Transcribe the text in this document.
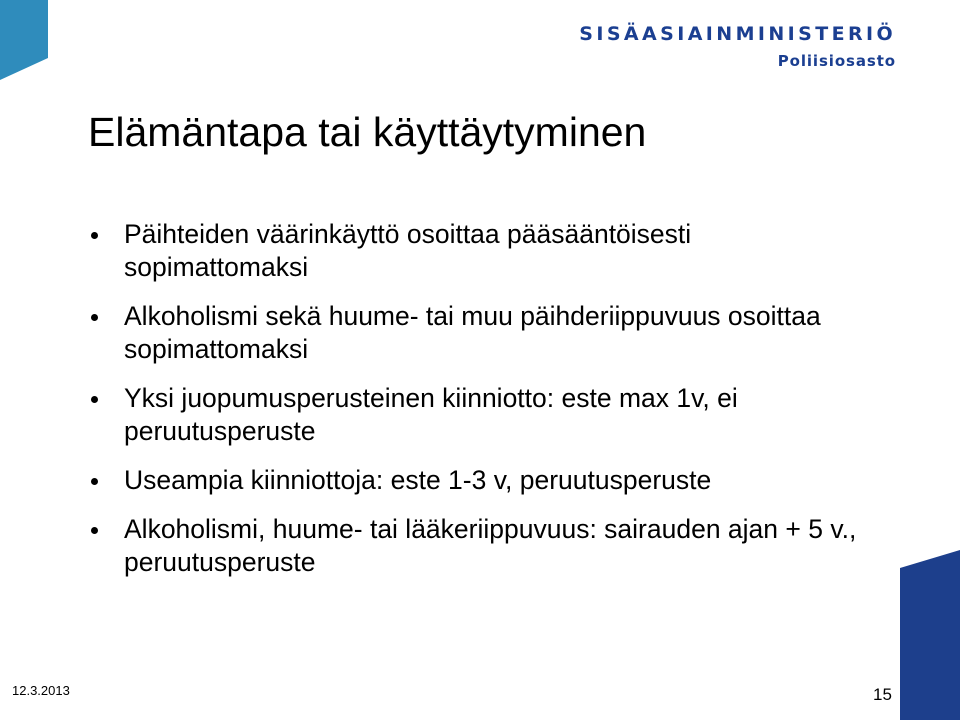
SISÄASIAINMINISTERIÖ
Poliisiosasto
Elämäntapa tai käyttäytyminen
Päihteiden väärinkäyttö osoittaa pääsääntöisesti sopimattomaksi
Alkoholismi sekä huume- tai muu päihderiippuvuus osoittaa sopimattomaksi
Yksi juopumusperusteinen kiinniotto: este max 1v, ei peruutusperuste
Useampia kiinniottoja: este 1-3 v, peruutusperuste
Alkoholismi, huume- tai lääkeriippuvuus: sairauden ajan + 5 v., peruutusperuste
12.3.2013	15
